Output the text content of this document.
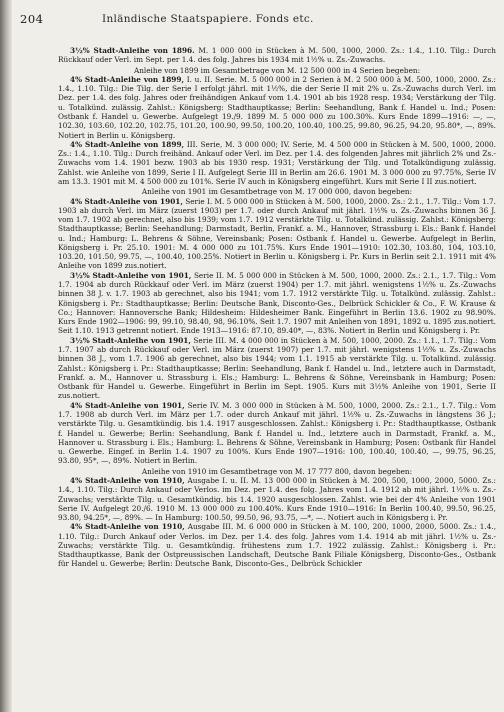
204	Inländische Staatspapiere. Fonds etc.

3½% Stadt-Anleihe von 1896. M. 1 000 000 in Stücken à M. 500, 1000, 2000. Zs.: 1.4., 1.10. Tilg.: Durch Rückkauf oder Verl. im Sept. per 1.4. des folg. Jahres bis 1934 mit 1½% u. Zs.-Zuwachs.

Anleihe von 1899 im Gesamtbetrage von M. 12 500 000 in 4 Serien begeben:

4% Stadt-Anleihe von 1899, I. u. II. Serie. M. 5 000 000 in 2 Serien à M. 2 500 000 à M. 500, 1000, 2000. Zs.: 1.4., 1.10. Tilg.: Die Tilg. der Serie I erfolgt jährl. mit 1½%, die der Serie II mit 2% u. Zs.-Zuwachs durch Verl. im Dez. per 1.4. des folg. Jahres oder freihändigen Ankauf vom 1.4. 1901 ab bis 1928 resp. 1934; Verstärkung der Tilg. u. Totalkünd. zulässig. Zahlst.: Königsberg: Stadthauptkasse; Berlin: Seehandlung, Bank f. Handel u. Ind.; Posen: Ostbank f. Handel u. Gewerbe. Aufgelegt 19./9. 1899 M. 5 000 000 zu 100.30%. Kurs Ende 1899—1916: —, —, 102.30, 103.60, 102.20, 102.75, 101.20, 100.90, 99.50, 100.20, 100.40, 100.25, 99.80, 96.25, 94.20, 95.80*, —, 89%. Notiert in Berlin u. Königsberg.

4% Stadt-Anleihe von 1899, III. Serie, M. 3 000 000; IV. Serie, M. 4 500 000 in Stücken à M. 500, 1000, 2000. Zs.: 1.4., 1.10. Tilg.: Durch freihänd. Ankauf oder Verl. im Dez. per 1.4. des folgenden Jahres mit jährlich 2% und Zs.-Zuwachs vom 1.4. 1901 bezw. 1903 ab bis 1930 resp. 1931; Verstärkung der Tilg. und Totalkündigung zulässig. Zahlst. wie Anleihe von 1899, Serie I II. Aufgelegt Serie III in Berlin am 26.6. 1901 M. 3 000 000 zu 97.75%, Serie IV am 13.3. 1901 mit M. 4 500 000 zu 101%. Serie IV auch in Königsberg eingeführt. Kurs mit Serie I II zus.notiert.

Anleihe von 1901 im Gesamtbetrage von M. 17 000 000, davon begeben:

4% Stadt-Anleihe von 1901, Serie I. M. 5 000 000 in Stücken à M. 500, 1000, 2000. Zs.: 2.1., 1.7. Tilg.: Vom 1.7. 1903 ab durch Verl. im März (zuerst 1903) per 1.7. oder durch Ankauf mit jährl. 1½% u. Zs.-Zuwachs binnen 36 J. vom 1.7. 1902 ab gerechnet, also bis 1939; vom 1.7. 1912 verstärkte Tilg. u. Totalkünd. zulässig. Zahlst.: Königsberg: Stadthauptkasse; Berlin: Seehandlung; Darmstadt, Berlin, Frankf. a. M., Hannover, Strassburg i. Els.: Bank f. Handel u. Ind.; Hamburg: L. Behrens & Söhne, Vereinsbank; Posen: Ostbank f. Handel u. Gewerbe. Aufgelegt in Berlin, Königsberg i. Pr. 25.10. 1901: M. 4 000 000 zu 101.75%. Kurs Ende 1901—1910: 102.30, 103.80, 104, 103.10, 103.20, 101.50, 99.75, —, 100.40, 100.25%. Notiert in Berlin u. Königsberg i. Pr. Kurs in Berlin seit 2.1. 1911 mit 4% Anleihe von 1899 zus.notiert.

3½% Stadt-Anleihe von 1901, Serie II. M. 5 000 000 in Stücken à M. 500, 1000, 2000. Zs.: 2.1., 1.7. Tilg.: Vom 1.7. 1904 ab durch Rückkauf oder Verl. im März (zuerst 1904) per 1.7. mit jährl. wenigstens 1½% u. Zs.-Zuwachs binnen 38 J. v. 1.7. 1903 ab gerechnet, also bis 1941; vom 1.7. 1912 verstärkte Tilg. u. Totalkünd. zulässig. Zahlst.: Königsberg i. Pr.: Stadthauptkasse; Berlin: Deutsche Bank, Disconto-Ges., Delbrück Schickler & Co., F. W. Krause & Co.; Hannover: Hannoversche Bank; Hildesheim: Hildesheimer Bank. Eingeführt in Berlin 13.6. 1902 zu 98.90%. Kurs Ende 1902—1906: 99, 99.10, 98.40, 98, 96.10%. Seit 1.7. 1907 mit Anleihen von 1891, 1892 u. 1895 zus.notiert. Seit 1.10. 1913 getrennt notiert. Ende 1913—1916: 87.10, 89.40*, —, 83%. Notiert in Berlin und Königsberg i. Pr.

3½% Stadt-Anleihe von 1901, Serie III. M. 4 000 000 in Stücken à M. 500, 1000, 2000. Zs.: 1.1., 1.7. Tilg.: Vom 1.7. 1907 ab durch Rückkauf oder Verl. im März (zuerst 1907) per 1.7. mit jährl. wenigstens 1½% u. Zs.-Zuwachs binnen 38 J., vom 1.7. 1906 ab gerechnet, also bis 1944; vom 1.1. 1915 ab verstärkte Tilg. u. Totalkünd. zulässig. Zahlst.: Königsberg i. Pr.: Stadthauptkasse; Berlin: Seehandlung, Bank f. Handel u. Ind., letztere auch in Darmstadt, Frankf. a. M., Hannover u. Strassburg i. Els.; Hamburg: L. Behrens & Söhne, Vereinsbank in Hamburg; Posen: Ostbank für Handel u. Gewerbe. Eingeführt in Berlin im Sept. 1905. Kurs mit 3½% Anleihe von 1901, Serie II zus.notiert.

4% Stadt-Anleihe von 1901, Serie IV. M. 3 000 000 in Stücken à M. 500, 1000, 2000. Zs.: 2.1., 1.7. Tilg.: Vom 1.7. 1908 ab durch Verl. im März per 1.7. oder durch Ankauf mit jährl. 1½% u. Zs.-Zuwachs in längstens 36 J.; verstärkte Tilg. u. Gesamtkündig. bis 1.4. 1917 ausgeschlossen. Zahlst.: Königsberg i. Pr.: Stadthauptkasse, Ostbank f. Handel u. Gewerbe; Berlin: Seehandlung, Bank f. Handel u. Ind., letztere auch in Darmstadt, Frankf. a. M., Hannover u. Strassburg i. Els.; Hamburg: L. Behrens & Söhne, Vereinsbank in Hamburg; Posen: Ostbank für Handel u. Gewerbe. Eingef. in Berlin 1.4. 1907 zu 100%. Kurs Ende 1907—1916: 100, 100.40, 100.40, —, 99.75, 96.25, 93.80, 95*, —, 89%. Notiert in Berlin.

Anleihe von 1910 im Gesamtbetrage von M. 17 777 800, davon begeben:

4% Stadt-Anleihe von 1910, Ausgabe I. u. II. M. 13 000 000 in Stücken à M. 200, 500, 1000, 2000, 5000. Zs.: 1.4., 1.10. Tilg.: Durch Ankauf oder Verlos. im Dez. per 1.4. des folg. Jahres vom 1.4. 1912 ab mit jährl. 1½% u. Zs.-Zuwachs; verstärkte Tilg. u. Gesamtkündig. bis 1.4. 1920 ausgeschlossen. Zahlst. wie bei der 4% Anleihe von 1901 Serie IV. Aufgelegt 20./6. 1910 M. 13 000 000 zu 100.40%. Kurs Ende 1910—1916: In Berlin 100.40, 99.50, 96.25, 93.80, 94.25*, —, 89%. — In Hamburg: 100.50, 99.50, 96, 93.75, —*, —. Notiert auch in Königsberg i. Pr.

4% Stadt-Anleihe von 1910, Ausgabe III. M. 6 000 000 in Stücken à M. 100, 200, 1000, 2000, 5000. Zs.: 1.4., 1.10. Tilg.: Durch Ankauf oder Verlos. im Dez. per 1.4. des folg. Jahres vom 1.4. 1914 ab mit jährl. 1½% u. Zs.-Zuwachs; verstärkte Tilg. u. Gesamtkündig. frühestens zum 1.7. 1922 zulässig. Zahlst.: Königsberg i. Pr.: Stadthauptkasse, Bank der Ostpreussischen Landschaft, Deutsche Bank Filiale Königsberg, Disconto-Ges., Ostbank für Handel u. Gewerbe; Berlin: Deutsche Bank, Disconto-Ges., Delbrück Schickler
